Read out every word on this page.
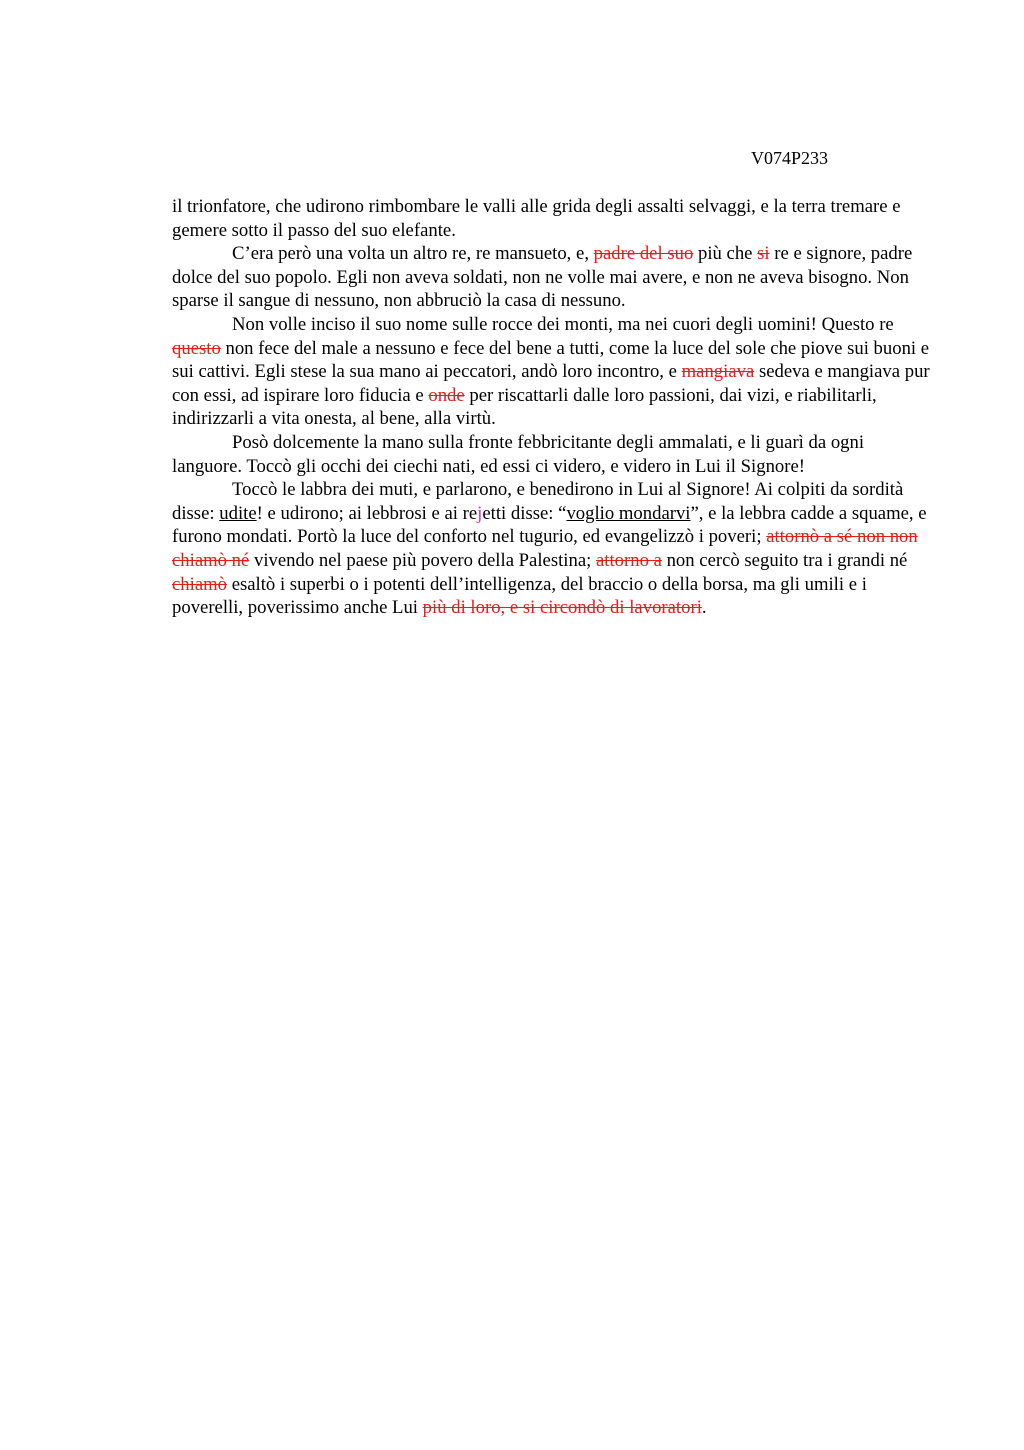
V074P233

il trionfatore, che udirono rimbombare le valli alle grida degli assalti selvaggi, e la terra tremare e gemere sotto il passo del suo elefante.

C’era però una volta un altro re, re mansueto, e, padre del suo più che si re e signore, padre dolce del suo popolo. Egli non aveva soldati, non ne volle mai avere, e non ne aveva bisogno. Non sparse il sangue di nessuno, non abbruciò la casa di nessuno.

Non volle inciso il suo nome sulle rocce dei monti, ma nei cuori degli uomini! Questo re questo non fece del male a nessuno e fece del bene a tutti, come la luce del sole che piove sui buoni e sui cattivi. Egli stese la sua mano ai peccatori, andò loro incontro, e mangiava sedeva e mangiava pur con essi, ad ispirare loro fiducia e onde per riscattarli dalle loro passioni, dai vizi, e riabilitarli, indirizzarli a vita onesta, al bene, alla virtù.

Posò dolcemente la mano sulla fronte febbricitante degli ammalati, e li guarì da ogni languore. Toccò gli occhi dei ciechi nati, ed essi ci videro, e videro in Lui il Signore!

Toccò le labbra dei muti, e parlarono, e benedirono in Lui al Signore! Ai colpiti da sordità disse: udite! e udirono; ai lebbrosi e ai rejetti disse: “voglio mondarvi”, e la lebbra cadde a squame, e furono mondati. Portò la luce del conforto nel tugurio, ed evangelizzò i poveri; attornò a sé non non chiamò né vivendo nel paese più povero della Palestina; attorno a non cercò seguito tra i grandi né chiamò esaltò i superbi o i potenti dell’intelligenza, del braccio o della borsa, ma gli umili e i poverelli, poverissimo anche Lui più di loro, e si circondò di lavoratori.
